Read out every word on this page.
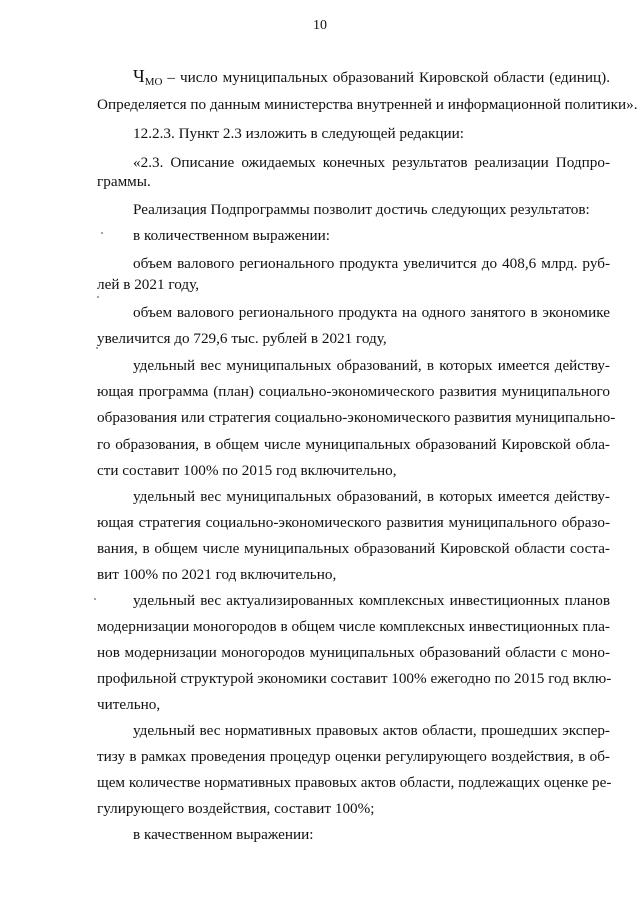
10
$Ч_{МО}$ – число муниципальных образований Кировской области (единиц).
Определяется по данным министерства внутренней и информационной политики».
12.2.3. Пункт 2.3 изложить в следующей редакции:
«2.3. Описание ожидаемых конечных результатов реализации Подпро-
граммы.
Реализация Подпрограммы позволит достичь следующих результатов:
в количественном выражении:
объем валового регионального продукта увеличится до 408,6 млрд. руб-
лей в 2021 году,
объем валового регионального продукта на одного занятого в экономике
увеличится до 729,6 тыс. рублей в 2021 году,
удельный вес муниципальных образований, в которых имеется действу-
ющая программа (план) социально-экономического развития муниципального
образования или стратегия социально-экономического развития муниципально-
го образования, в общем числе муниципальных образований Кировской обла-
сти составит 100% по 2015 год включительно,
удельный вес муниципальных образований, в которых имеется действу-
ющая стратегия социально-экономического развития муниципального образо-
вания, в общем числе муниципальных образований Кировской области соста-
вит 100% по 2021 год включительно,
удельный вес актуализированных комплексных инвестиционных планов
модернизации моногородов в общем числе комплексных инвестиционных пла-
нов модернизации моногородов муниципальных образований области с моно-
профильной структурой экономики составит 100% ежегодно по 2015 год вклю-
чительно,
удельный вес нормативных правовых актов области, прошедших экспер-
тизу в рамках проведения процедур оценки регулирующего воздействия, в об-
щем количестве нормативных правовых актов области, подлежащих оценке ре-
гулирующего воздействия, составит 100%;
в качественном выражении:
